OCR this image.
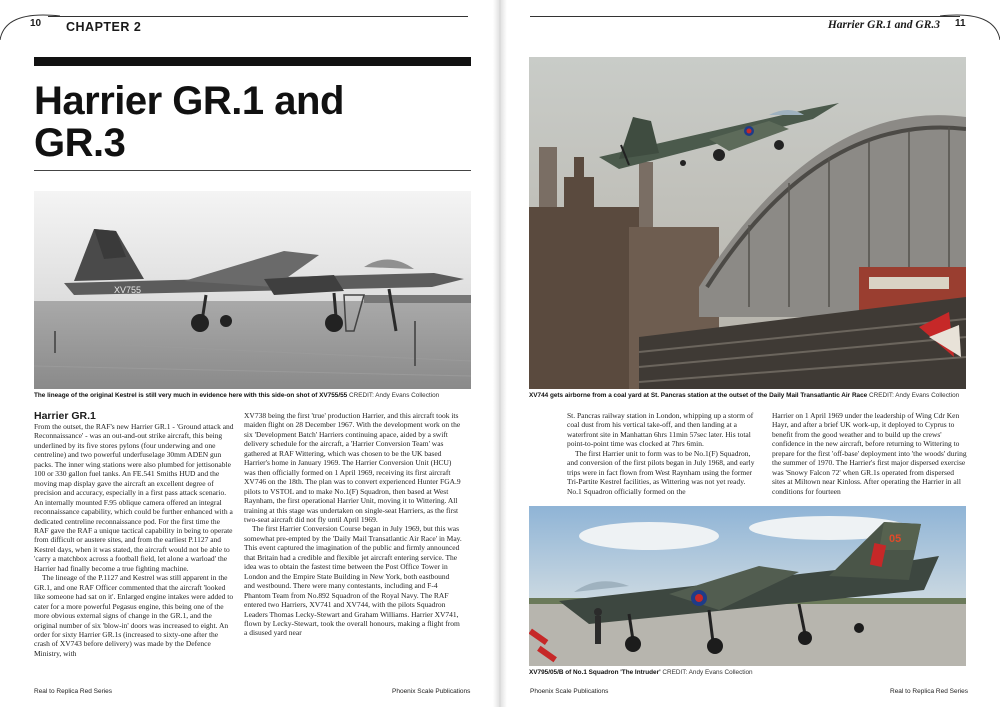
10 CHAPTER 2	Harrier GR.1 and GR.3 11
Harrier GR.1 and
GR.3
XV755
The lineage of the original Kestrel is still very much in evidence here with this side-on shot of XV755/55 CREDIT: Andy Evans Collection	XV744 gets airborne from a coal yard at St. Pancras station at the outset of the Daily Mail Transatlantic Air Race CREDIT: Andy Evans Collection
05
XV795/05/B of No.1 Squadron 'The Intruder' CREDIT: Andy Evans Collection
Harrier GR.1

From the outset, the RAF's new Harrier GR.1 - 'Ground attack and Reconnaissance' - was an out-and-out strike aircraft, this being underlined by its five stores pylons (four underwing and one centreline) and two powerful underfuselage 30mm ADEN gun packs. The inner wing stations were also plumbed for jettisonable 100 or 330 gallon fuel tanks. An FE.541 Smiths HUD and the moving map display gave the aircraft an excellent degree of precision and accuracy, especially in a first pass attack scenario. An internally mounted F.95 oblique camera offered an integral reconnaissance capability, which could be further enhanced with a dedicated centreline reconnaissance pod. For the first time the RAF gave the RAF a unique tactical capability in being to operate from difficult or austere sites, and from the earliest P.1127 and Kestrel days, when it was stated, the aircraft would not be able to 'carry a matchbox across a football field, let alone a warload' the Harrier had finally become a true fighting machine.

The lineage of the P.1127 and Kestrel was still apparent in the GR.1, and one RAF Officer commented that the aircraft 'looked like someone had sat on it'. Enlarged engine intakes were added to cater for a more powerful Pegasus engine, this being one of the more obvious external signs of change in the GR.1, and the original number of six 'blow-in' doors was increased to eight. An order for sixty Harrier GR.1s (increased to sixty-one after the crash of XV743 before delivery) was made by the Defence Ministry, with

XV738 being the first 'true' production Harrier, and this aircraft took its maiden flight on 28 December 1967. With the development work on the six 'Development Batch' Harriers continuing apace, aided by a swift delivery schedule for the aircraft, a 'Harrier Conversion Team' was gathered at RAF Wittering, which was chosen to be the UK based Harrier's home in January 1969. The Harrier Conversion Unit (HCU) was then officially formed on 1 April 1969, receiving its first aircraft XV746 on the 18th. The plan was to convert experienced Hunter FGA.9 pilots to VSTOL and to make No.1(F) Squadron, then based at West Raynham, the first operational Harrier Unit, moving it to Wittering. All training at this stage was undertaken on single-seat Harriers, as the first two-seat aircraft did not fly until April 1969.

The first Harrier Conversion Course began in July 1969, but this was somewhat pre-empted by the 'Daily Mail Transatlantic Air Race' in May. This event captured the imagination of the public and firmly announced that Britain had a credible and flexible jet aircraft entering service. The idea was to obtain the fastest time between the Post Office Tower in London and the Empire State Building in New York, both eastbound and westbound. There were many contestants, including and F-4 Phantom Team from No.892 Squadron of the Royal Navy. The RAF entered two Harriers, XV741 and XV744, with the pilots Squadron Leaders Thomas Lecky-Stewart and Graham Williams. Harrier XV741, flown by Lecky-Stewart, took the overall honours, making a flight from a disused yard near

St. Pancras railway station in London, whipping up a storm of coal dust from his vertical take-off, and then landing at a waterfront site in Manhattan 6hrs 11min 57sec later. His total point-to-point time was clocked at 7hrs 6min.

The first Harrier unit to form was to be No.1(F) Squadron, and conversion of the first pilots began in July 1968, and early trips were in fact flown from West Raynham using the former Tri-Partite Kestrel facilities, as Wittering was not yet ready. No.1 Squadron officially formed on the

Harrier on 1 April 1969 under the leadership of Wing Cdr Ken Hayr, and after a brief UK work-up, it deployed to Cyprus to benefit from the good weather and to build up the crews' confidence in the new aircraft, before returning to Wittering to prepare for the first 'off-base' deployment into 'the woods' during the summer of 1970. The Harrier's first major dispersed exercise was 'Snowy Falcon 72' when GR.1s operated from dispersed sites at Miltown near Kinloss. After operating the Harrier in all conditions for fourteen

Real to Replica Red Series	Phoenix Scale Publications	Phoenix Scale Publications	Real to Replica Red Series
